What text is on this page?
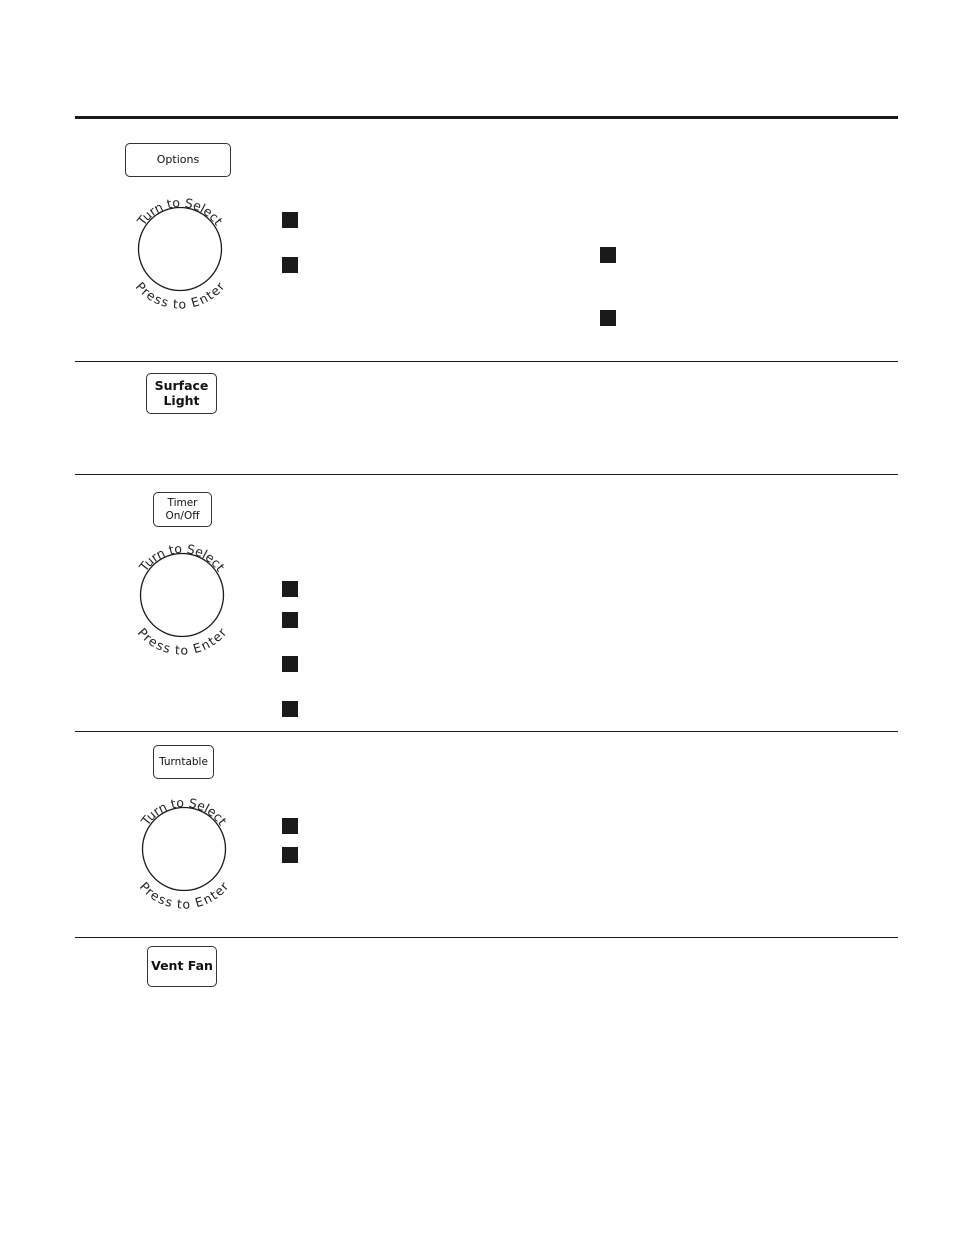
Options
Turn to Select
Press to Enter
Surface
Light
Timer
On/Off
Turn to Select
Press to Enter
Turntable
Turn to Select
Press to Enter
Vent Fan
